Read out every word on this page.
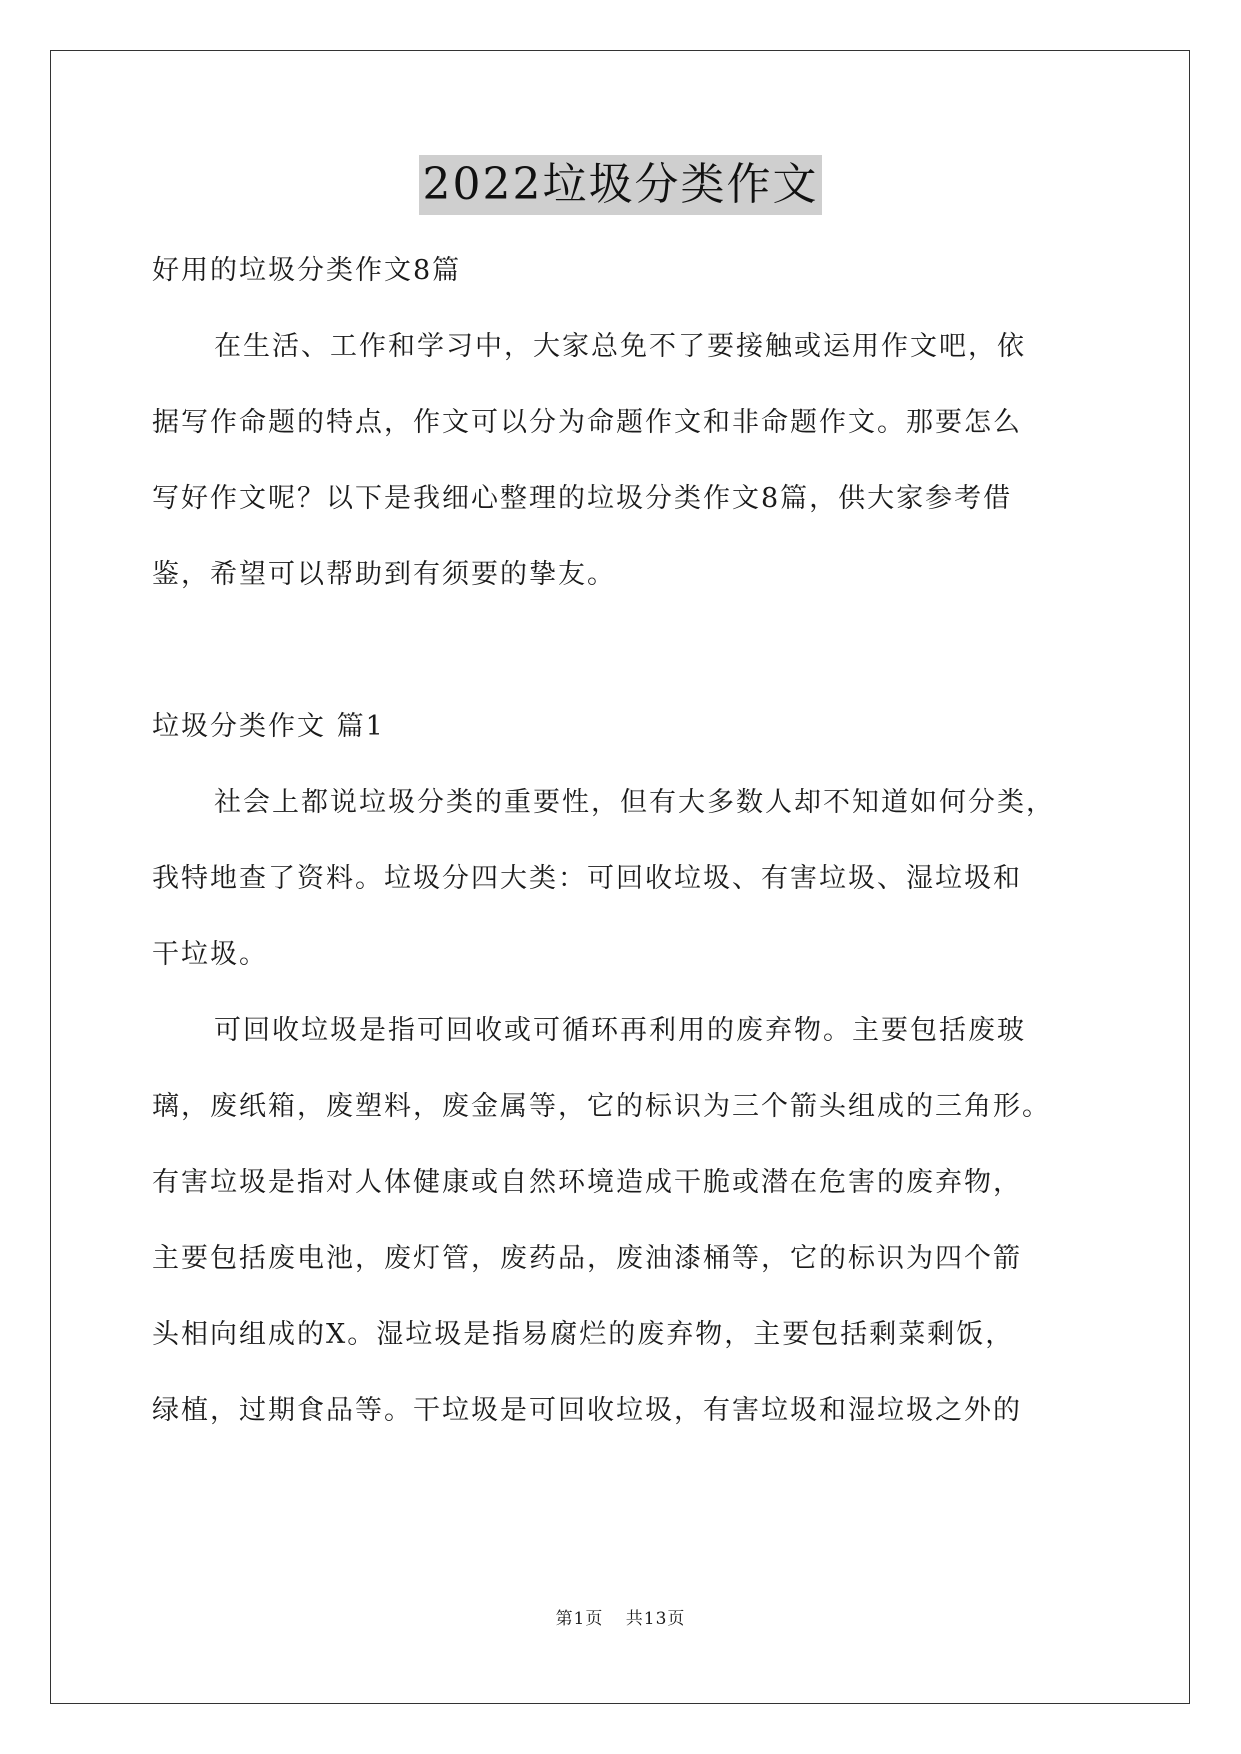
2022垃圾分类作文
好用的垃圾分类作文8篇
在生活、工作和学习中，大家总免不了要接触或运用作文吧，依
据写作命题的特点，作文可以分为命题作文和非命题作文。那要怎么
写好作文呢？以下是我细心整理的垃圾分类作文8篇，供大家参考借
鉴，希望可以帮助到有须要的挚友。
垃圾分类作文 篇1
社会上都说垃圾分类的重要性，但有大多数人却不知道如何分类，
我特地查了资料。垃圾分四大类：可回收垃圾、有害垃圾、湿垃圾和
干垃圾。
可回收垃圾是指可回收或可循环再利用的废弃物。主要包括废玻
璃，废纸箱，废塑料，废金属等，它的标识为三个箭头组成的三角形。
有害垃圾是指对人体健康或自然环境造成干脆或潜在危害的废弃物，
主要包括废电池，废灯管，废药品，废油漆桶等，它的标识为四个箭
头相向组成的X。湿垃圾是指易腐烂的废弃物，主要包括剩菜剩饭，
绿植，过期食品等。干垃圾是可回收垃圾，有害垃圾和湿垃圾之外的
第1页 共13页
